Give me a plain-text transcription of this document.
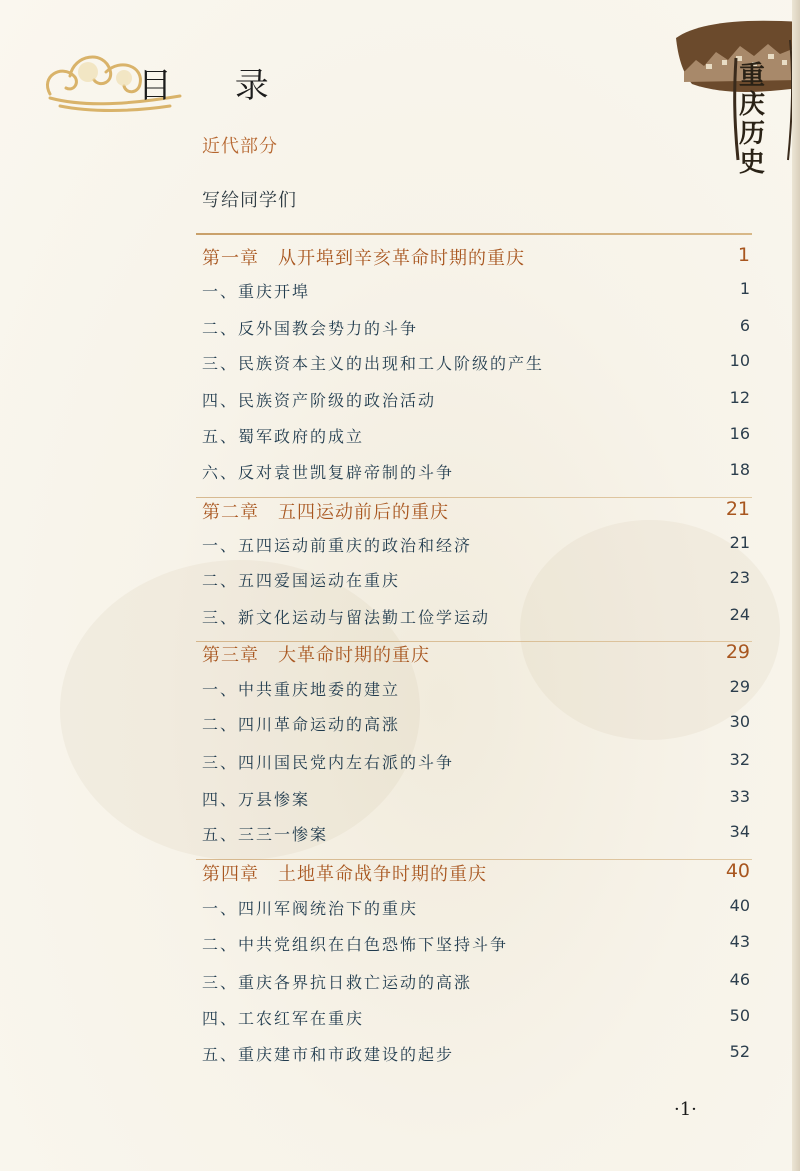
目 录	重庆历史
近代部分
写给同学们
第一章　从开埠到辛亥革命时期的重庆	1
一、重庆开埠	1
二、反外国教会势力的斗争	6
三、民族资本主义的出现和工人阶级的产生	10
四、民族资产阶级的政治活动	12
五、蜀军政府的成立	16
六、反对袁世凯复辟帝制的斗争	18
第二章　五四运动前后的重庆	21
一、五四运动前重庆的政治和经济	21
二、五四爱国运动在重庆	23
三、新文化运动与留法勤工俭学运动	24
第三章　大革命时期的重庆	29
一、中共重庆地委的建立	29
二、四川革命运动的高涨	30
三、四川国民党内左右派的斗争	32
四、万县惨案	33
五、三三一惨案	34
第四章　土地革命战争时期的重庆	40
一、四川军阀统治下的重庆	40
二、中共党组织在白色恐怖下坚持斗争	43
三、重庆各界抗日救亡运动的高涨	46
四、工农红军在重庆	50
五、重庆建市和市政建设的起步	52
·1·
